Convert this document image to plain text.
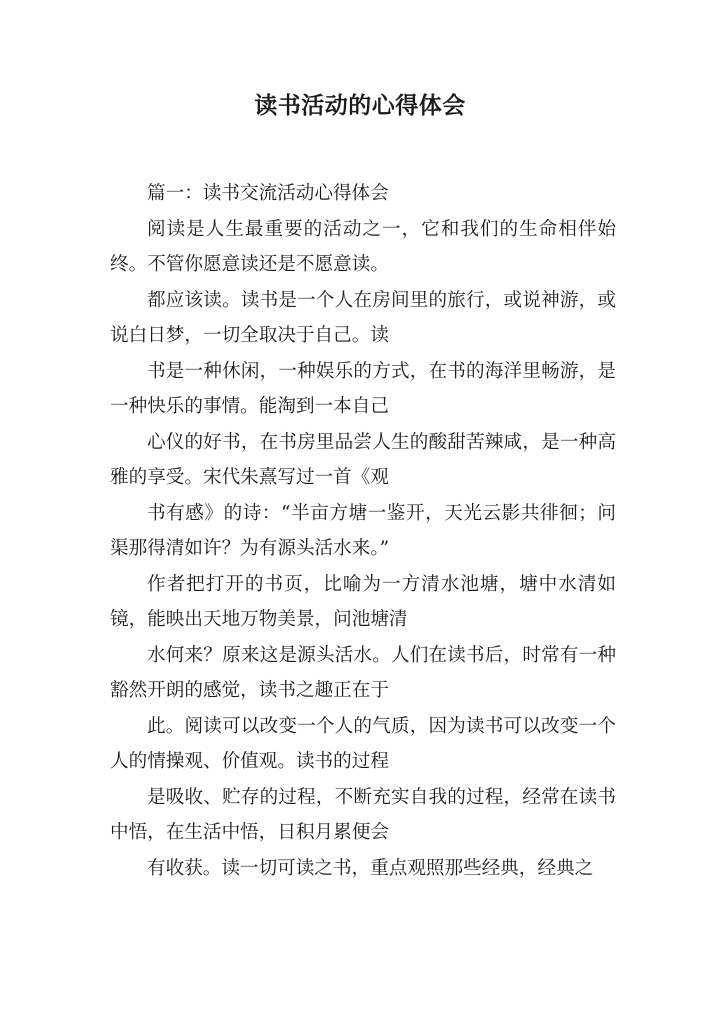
读书活动的心得体会

篇一：读书交流活动心得体会

阅读是人生最重要的活动之一，它和我们的生命相伴始终。不管你愿意读还是不愿意读。

都应该读。读书是一个人在房间里的旅行，或说神游，或说白日梦，一切全取决于自己。读

书是一种休闲，一种娱乐的方式，在书的海洋里畅游，是一种快乐的事情。能淘到一本自己

心仪的好书，在书房里品尝人生的酸甜苦辣咸，是一种高雅的享受。宋代朱熹写过一首《观

书有感》的诗：“半亩方塘一鉴开，天光云影共徘徊；问渠那得清如许？为有源头活水来。”

作者把打开的书页，比喻为一方清水池塘，塘中水清如镜，能映出天地万物美景，问池塘清

水何来？原来这是源头活水。人们在读书后，时常有一种豁然开朗的感觉，读书之趣正在于

此。阅读可以改变一个人的气质，因为读书可以改变一个人的情操观、价值观。读书的过程

是吸收、贮存的过程，不断充实自我的过程，经常在读书中悟，在生活中悟，日积月累便会

有收获。读一切可读之书，重点观照那些经典，经典之
